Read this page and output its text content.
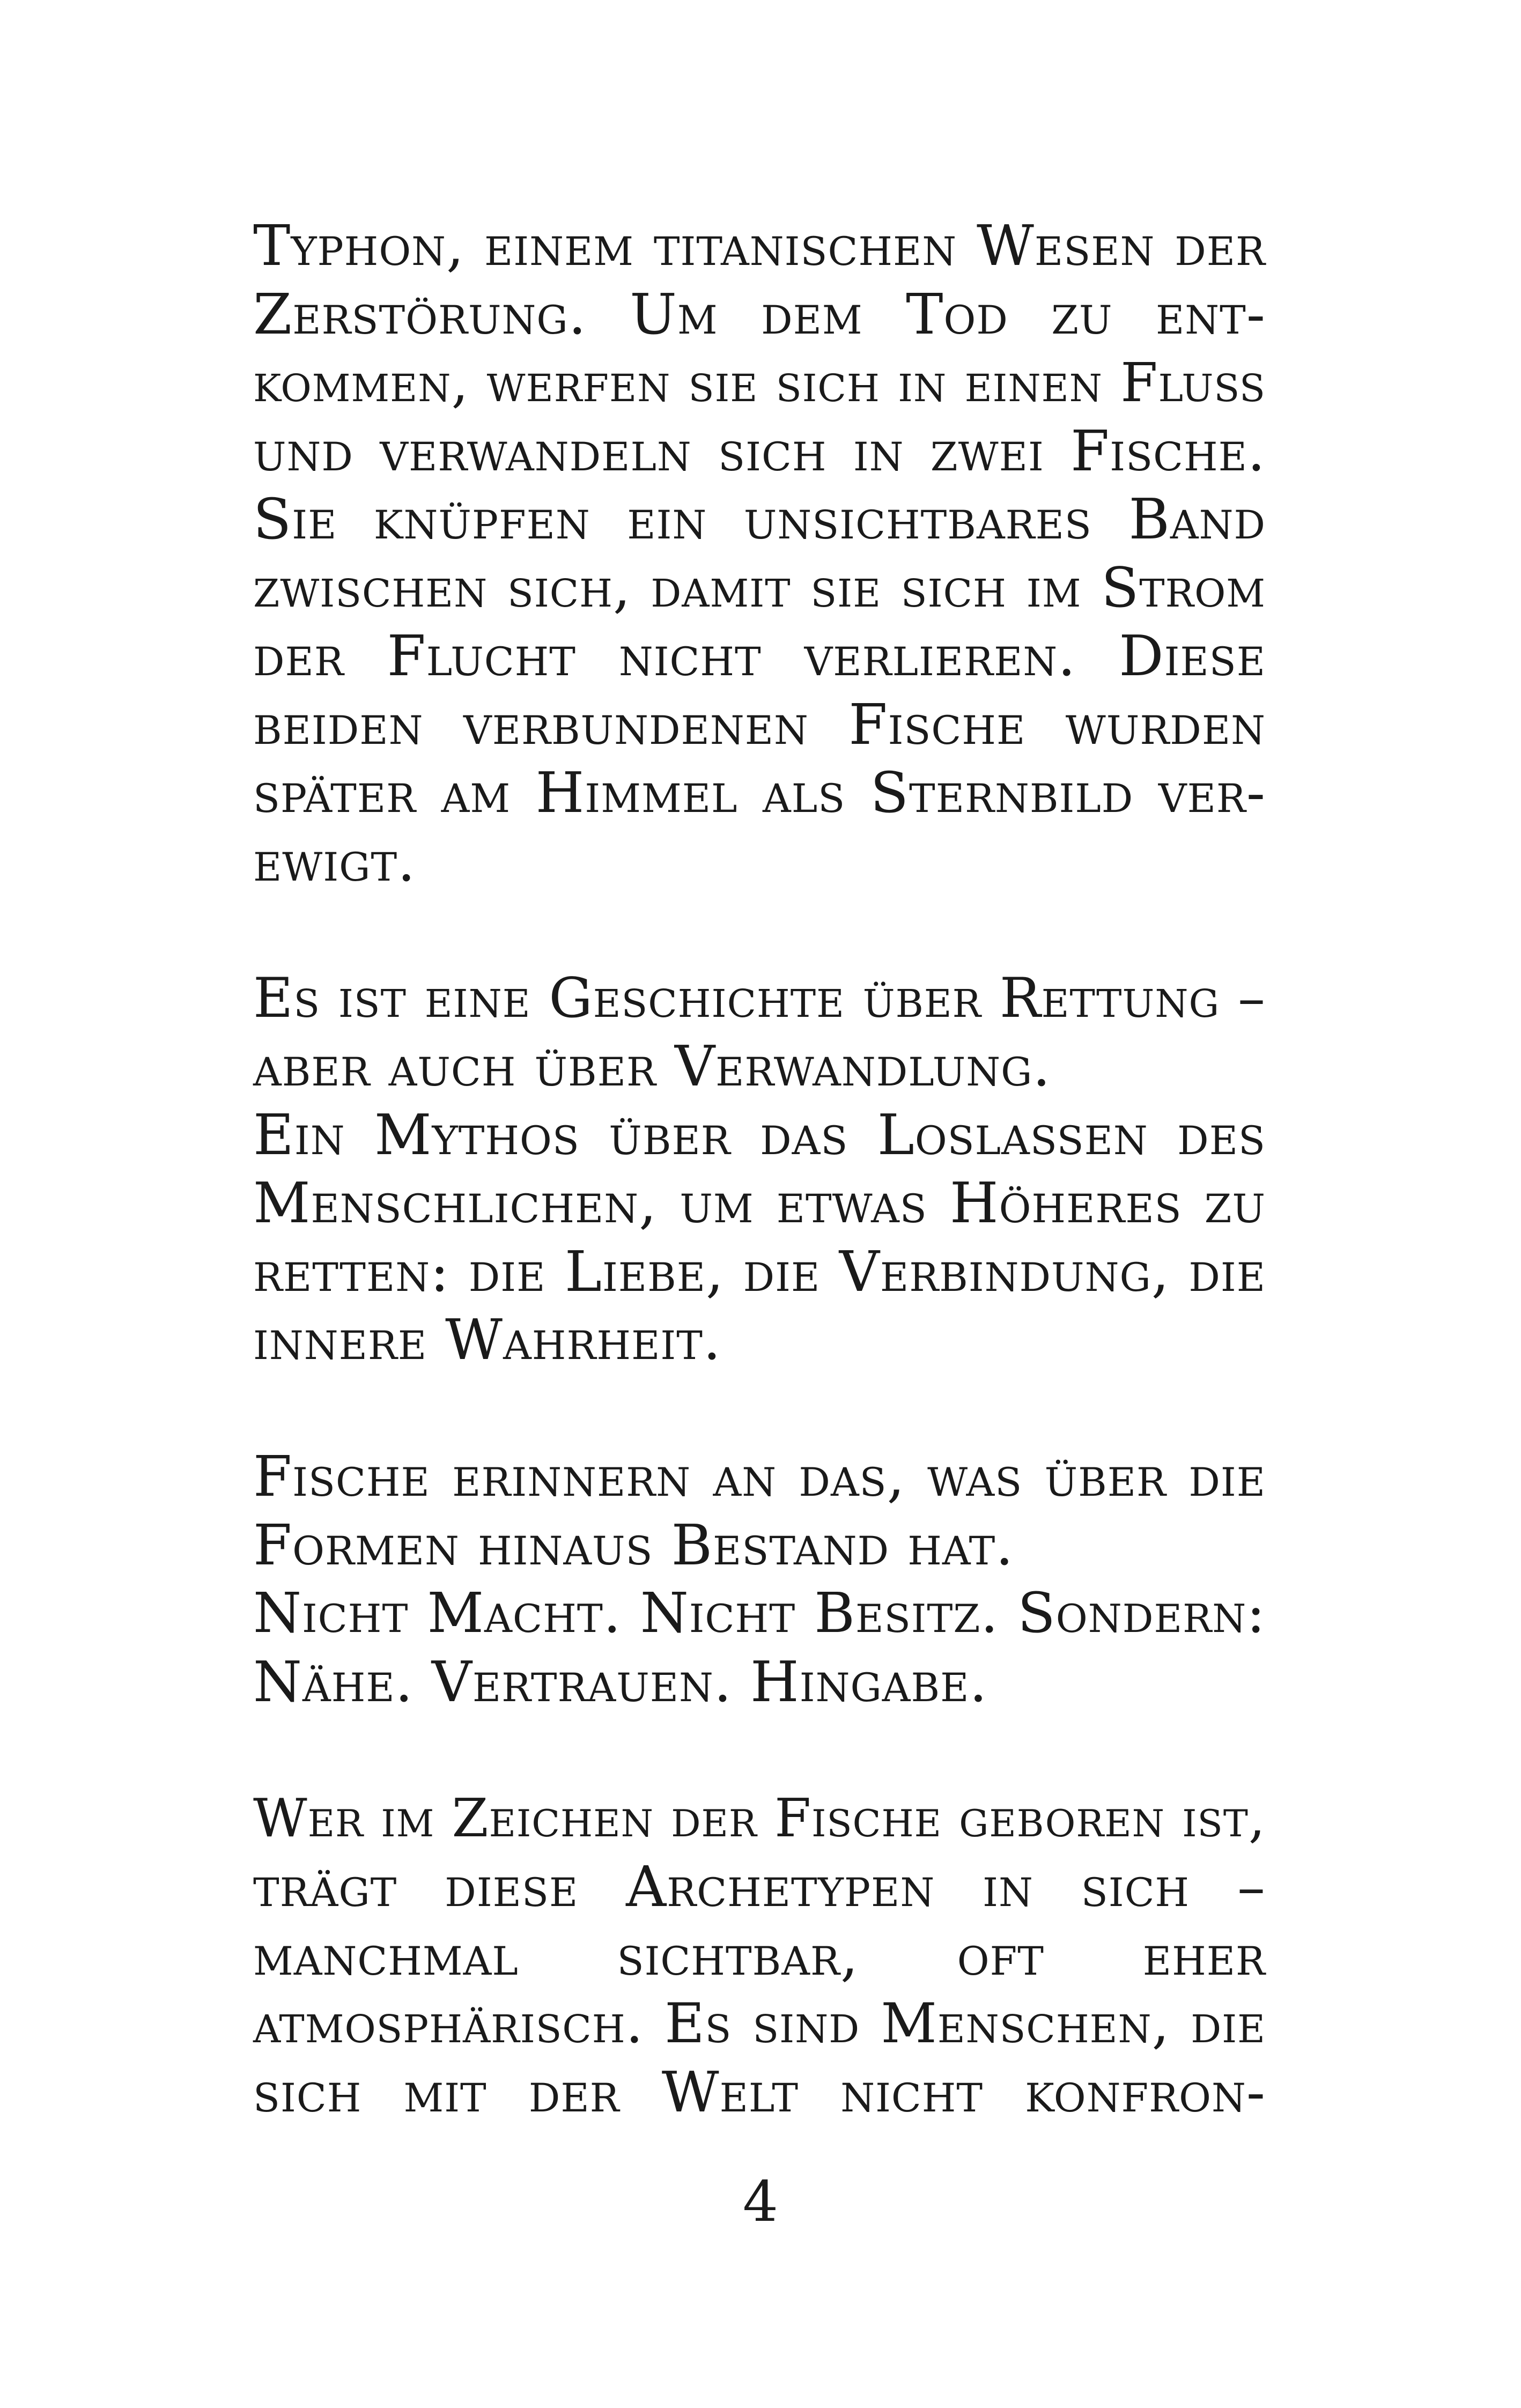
Typhon, einem titanischen Wesen der
Zerstörung. Um dem Tod zu ent-
kommen, werfen sie sich in einen Fluss
und verwandeln sich in zwei Fische.
Sie knüpfen ein unsichtbares Band
zwischen sich, damit sie sich im Strom
der Flucht nicht verlieren. Diese
beiden verbundenen Fische wurden
später am Himmel als Sternbild ver-
ewigt.
Es ist eine Geschichte über Rettung –
aber auch über Verwandlung.
Ein Mythos über das Loslassen des
Menschlichen, um etwas Höheres zu
retten: die Liebe, die Verbindung, die
innere Wahrheit.
Fische erinnern an das, was über die
Formen hinaus Bestand hat.
Nicht Macht. Nicht Besitz. Sondern:
Nähe. Vertrauen. Hingabe.
Wer im Zeichen der Fische geboren ist,
trägt diese Archetypen in sich –
manchmal sichtbar, oft eher
atmosphärisch. Es sind Menschen, die
sich mit der Welt nicht konfron-
4
